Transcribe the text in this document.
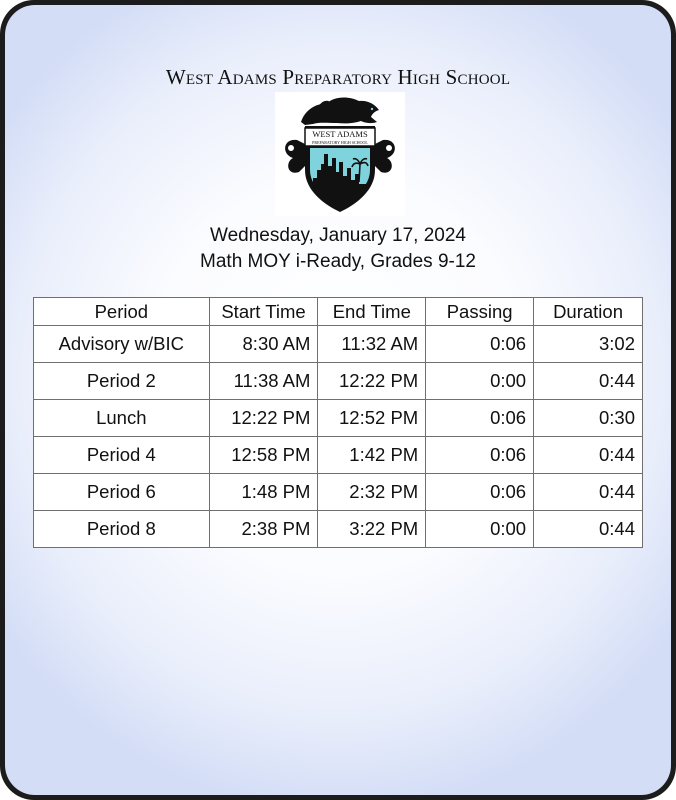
West Adams Preparatory High School
WEST ADAMS
PREPARATORY HIGH SCHOOL
Wednesday, January 17, 2024
Math MOY i-Ready, Grades 9-12
Period	Start Time	End Time	Passing	Duration
Advisory w/BIC	8:30 AM	11:32 AM	0:06	3:02
Period 2	11:38 AM	12:22 PM	0:00	0:44
Lunch	12:22 PM	12:52 PM	0:06	0:30
Period 4	12:58 PM	1:42 PM	0:06	0:44
Period 6	1:48 PM	2:32 PM	0:06	0:44
Period 8	2:38 PM	3:22 PM	0:00	0:44
